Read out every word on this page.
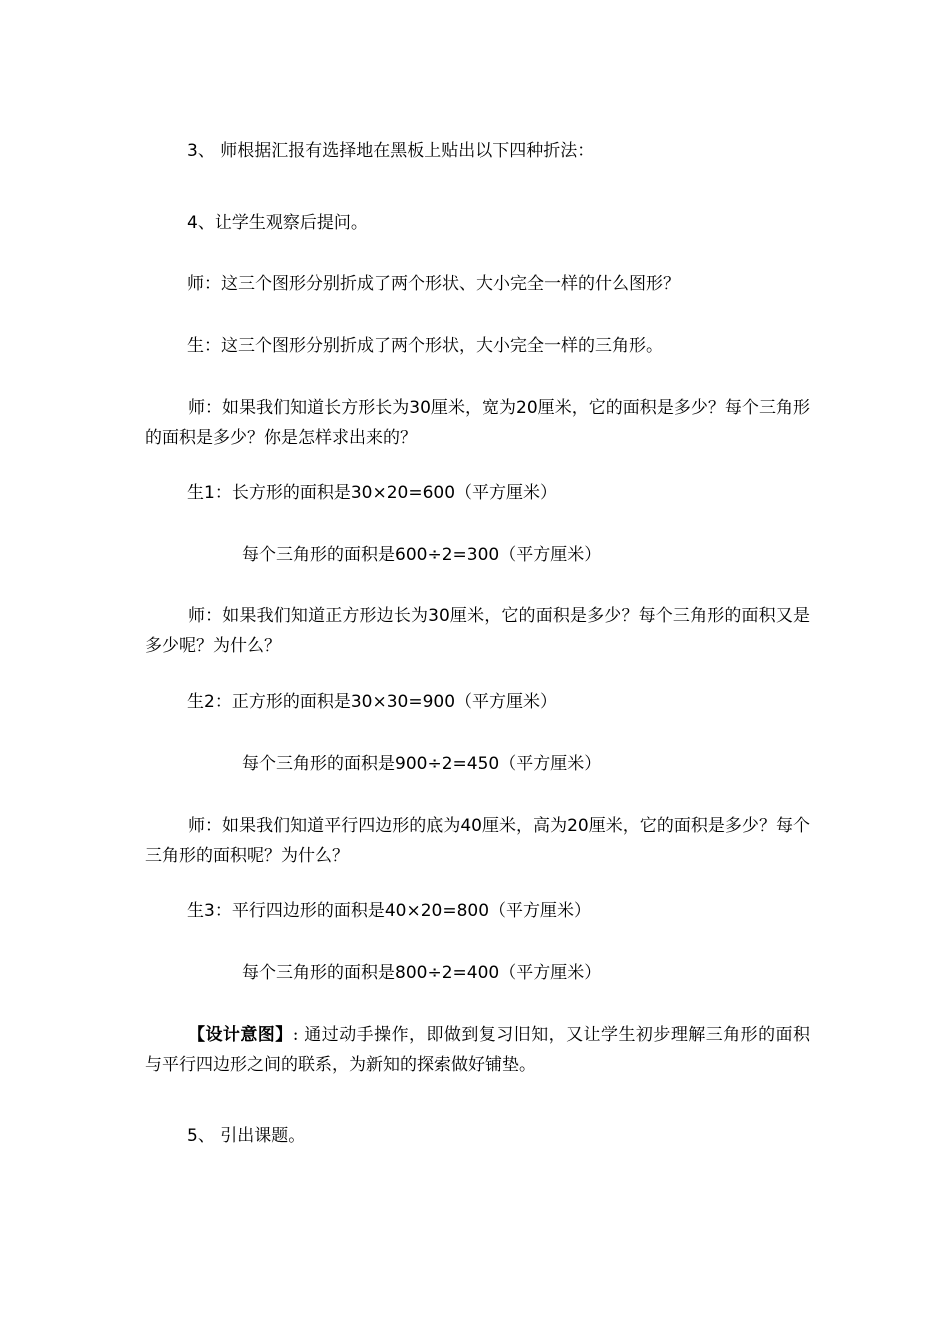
3、 师根据汇报有选择地在黑板上贴出以下四种折法：
4、让学生观察后提问。
师：这三个图形分别折成了两个形状、大小完全一样的什么图形？
生：这三个图形分别折成了两个形状，大小完全一样的三角形。
师：如果我们知道长方形长为30厘米，宽为20厘米，它的面积是多少？每个三角形的面积是多少？你是怎样求出来的？
生1：长方形的面积是30×20=600（平方厘米）
每个三角形的面积是600÷2=300（平方厘米）
师：如果我们知道正方形边长为30厘米，它的面积是多少？每个三角形的面积又是多少呢？为什么？
生2：正方形的面积是30×30=900（平方厘米）
每个三角形的面积是900÷2=450（平方厘米）
师：如果我们知道平行四边形的底为40厘米，高为20厘米，它的面积是多少？每个三角形的面积呢？为什么？
生3：平行四边形的面积是40×20=800（平方厘米）
每个三角形的面积是800÷2=400（平方厘米）
【设计意图】: 通过动手操作，即做到复习旧知，又让学生初步理解三角形的面积与平行四边形之间的联系，为新知的探索做好铺垫。
5、 引出课题。
